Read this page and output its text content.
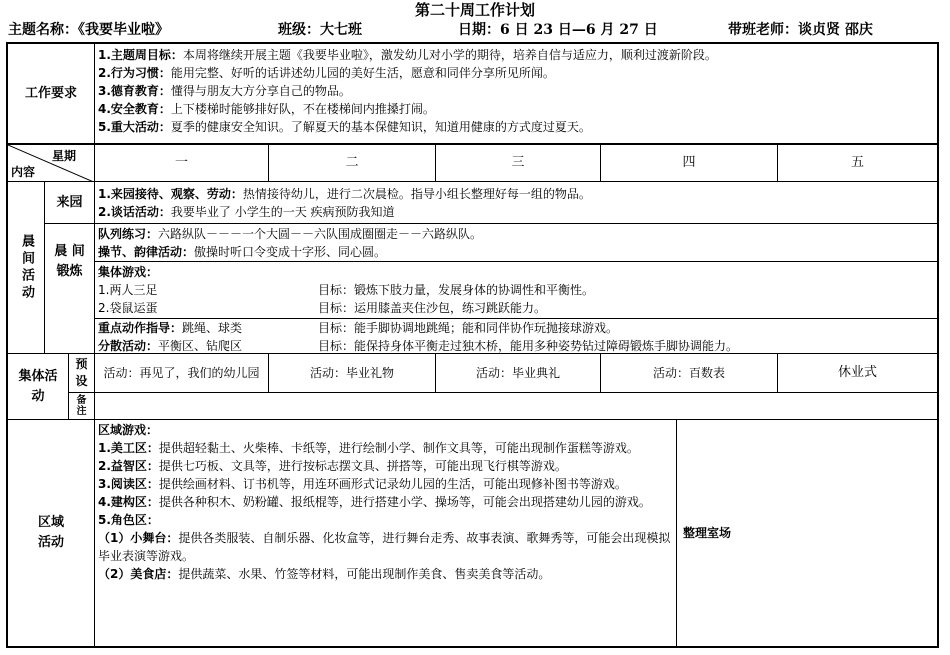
第二十周工作计划
主题名称：《我要毕业啦》	班级：大七班	日期：6 日 23 日—6 月 27 日	带班老师：谈贞贤 邵庆
工作要求
1.主题周目标：本周将继续开展主题《我要毕业啦》，激发幼儿对小学的期待，培养自信与适应力，顺利过渡新阶段。
2.行为习惯：能用完整、好听的话讲述幼儿园的美好生活，愿意和同伴分享所见所闻。
3.德育教育：懂得与朋友大方分享自己的物品。
4.安全教育：上下楼梯时能够排好队，不在楼梯间内推搡打闹。
5.重大活动：夏季的健康安全知识。了解夏天的基本保健知识，知道用健康的方式度过夏天。
星期
内容
一	二	三	四	五
晨间活动
来园
1.来园接待、观察、劳动：热情接待幼儿，进行二次晨检。指导小组长整理好每一组的物品。
2.谈话活动：我要毕业了 小学生的一天 疾病预防我知道
晨 间 锻炼
队列练习：六路纵队－－－一个大圆－－六队围成圈圈走－－六路纵队。
操节、韵律活动：傲操时听口令变成十字形、同心圆。
集体游戏：
1.两人三足	目标：锻炼下肢力量，发展身体的协调性和平衡性。
2.袋鼠运蛋	目标：运用膝盖夹住沙包，练习跳跃能力。
重点动作指导：跳绳、球类	目标：能手脚协调地跳绳；能和同伴协作玩抛接球游戏。
分散活动：平衡区、钻爬区	目标：能保持身体平衡走过独木桥，能用多种姿势钻过障碍锻炼手脚协调能力。
集体活动
预设
备注
活动：再见了，我们的幼儿园	活动：毕业礼物	活动：毕业典礼	活动：百数表	休业式
区域活动
区域游戏：
1.美工区：提供超轻黏土、火柴棒、卡纸等，进行绘制小学、制作文具等，可能出现制作蛋糕等游戏。
2.益智区：提供七巧板、文具等，进行按标志摆文具、拼搭等，可能出现飞行棋等游戏。
3.阅读区：提供绘画材料、订书机等，用连环画形式记录幼儿园的生活，可能出现修补图书等游戏。
4.建构区：提供各种积木、奶粉罐、报纸棍等，进行搭建小学、操场等，可能会出现搭建幼儿园的游戏。
5.角色区：
（1）小舞台：提供各类服装、自制乐器、化妆盒等，进行舞台走秀、故事表演、歌舞秀等，可能会出现模拟毕业表演等游戏。
（2）美食店：提供蔬菜、水果、竹签等材料，可能出现制作美食、售卖美食等活动。
整理室场
